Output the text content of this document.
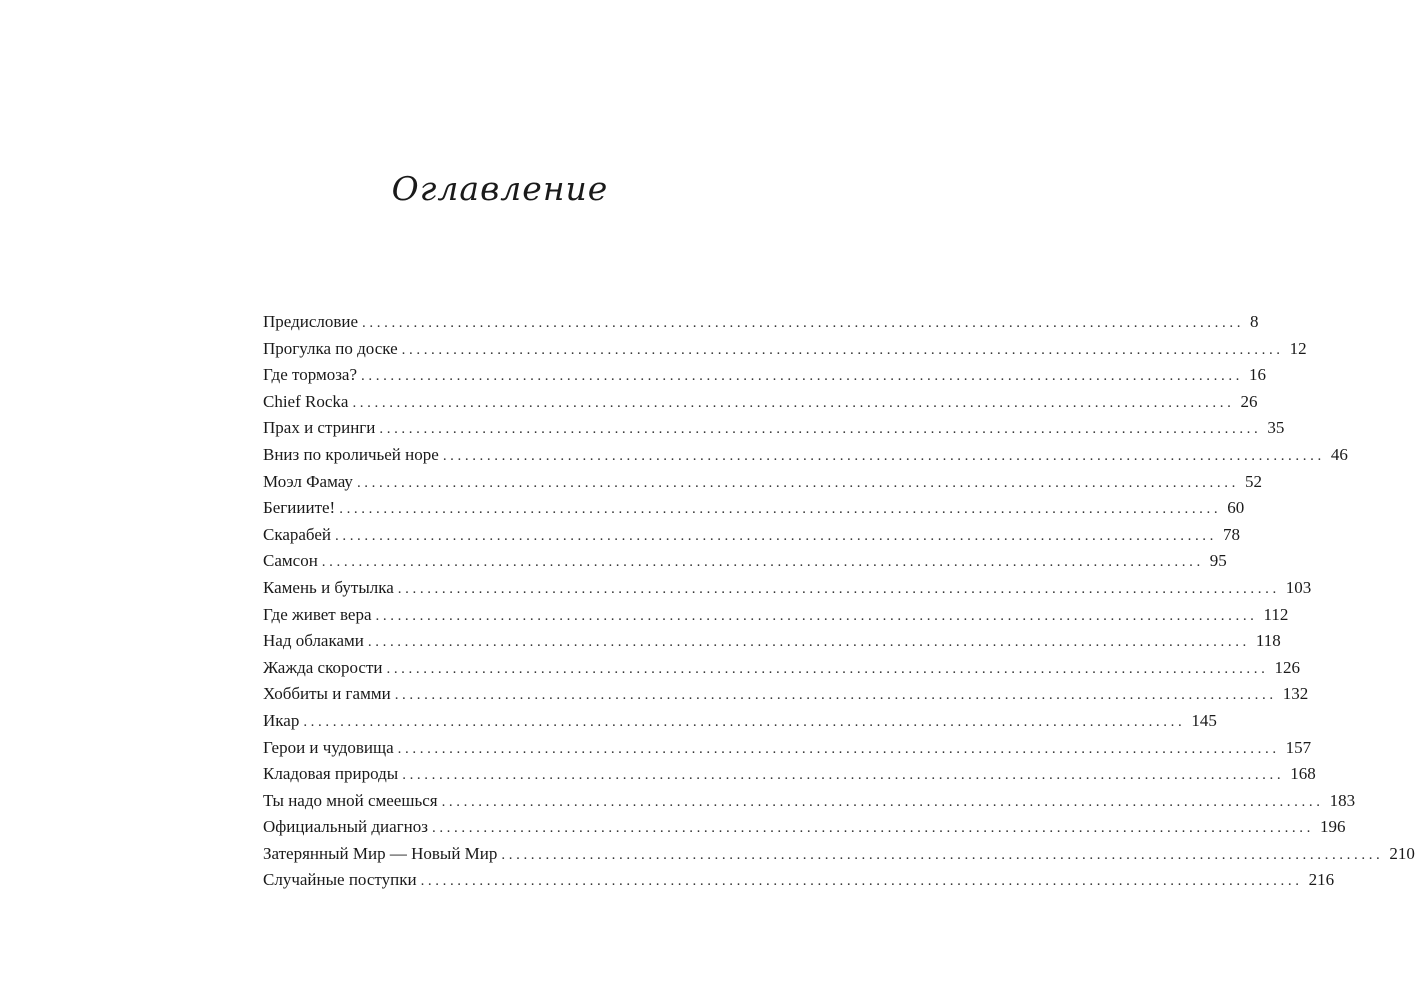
Оглавление
Предисловие ........................................................................................................................ 8
Прогулка по доске ........................................................................................................................ 12
Где тормоза? ........................................................................................................................ 16
Chief Rocka ........................................................................................................................ 26
Прах и стринги ........................................................................................................................ 35
Вниз по кроличьей норе ........................................................................................................................ 46
Моэл Фамау ........................................................................................................................ 52
Бегииите! ........................................................................................................................ 60
Скарабей ........................................................................................................................ 78
Самсон ........................................................................................................................ 95
Камень и бутылка ........................................................................................................................ 103
Где живет вера ........................................................................................................................ 112
Над облаками ........................................................................................................................ 118
Жажда скорости ........................................................................................................................ 126
Хоббиты и гамми ........................................................................................................................ 132
Икар ........................................................................................................................ 145
Герои и чудовища ........................................................................................................................ 157
Кладовая природы ........................................................................................................................ 168
Ты надо мной смеешься ........................................................................................................................ 183
Официальный диагноз ........................................................................................................................ 196
Затерянный Мир — Новый Мир ........................................................................................................................ 210
Случайные поступки ........................................................................................................................ 216
